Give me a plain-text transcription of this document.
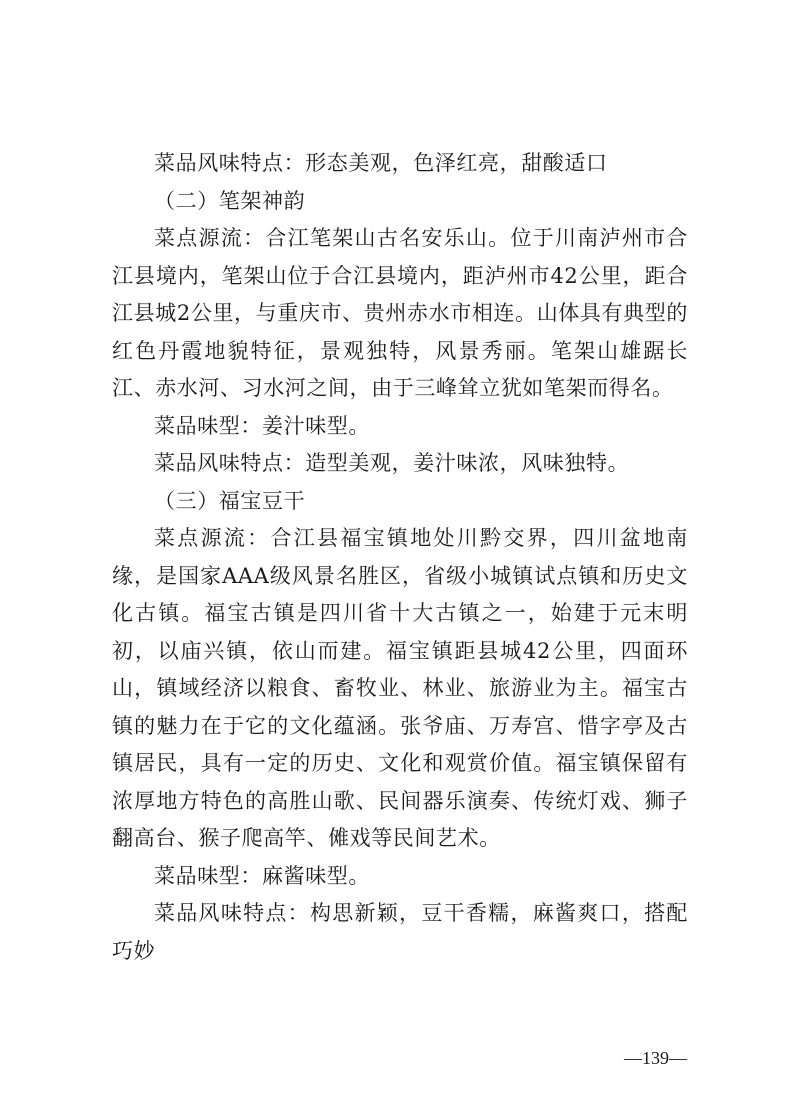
菜品风味特点：形态美观，色泽红亮，甜酸适口

（二）笔架神韵

菜点源流：合江笔架山古名安乐山。位于川南泸州市合江县境内，笔架山位于合江县境内，距泸州市42公里，距合江县城2公里，与重庆市、贵州赤水市相连。山体具有典型的红色丹霞地貌特征，景观独特，风景秀丽。笔架山雄踞长江、赤水河、习水河之间，由于三峰耸立犹如笔架而得名。

菜品味型：姜汁味型。

菜品风味特点：造型美观，姜汁味浓，风味独特。

（三）福宝豆干

菜点源流：合江县福宝镇地处川黔交界，四川盆地南缘，是国家AAA级风景名胜区，省级小城镇试点镇和历史文化古镇。福宝古镇是四川省十大古镇之一，始建于元末明初，以庙兴镇，依山而建。福宝镇距县城42公里，四面环山，镇域经济以粮食、畜牧业、林业、旅游业为主。福宝古镇的魅力在于它的文化蕴涵。张爷庙、万寿宫、惜字亭及古镇居民，具有一定的历史、文化和观赏价值。福宝镇保留有浓厚地方特色的高胜山歌、民间器乐演奏、传统灯戏、狮子翻高台、猴子爬高竿、傩戏等民间艺术。

菜品味型：麻酱味型。

菜品风味特点：构思新颖，豆干香糯，麻酱爽口，搭配巧妙

—139—
